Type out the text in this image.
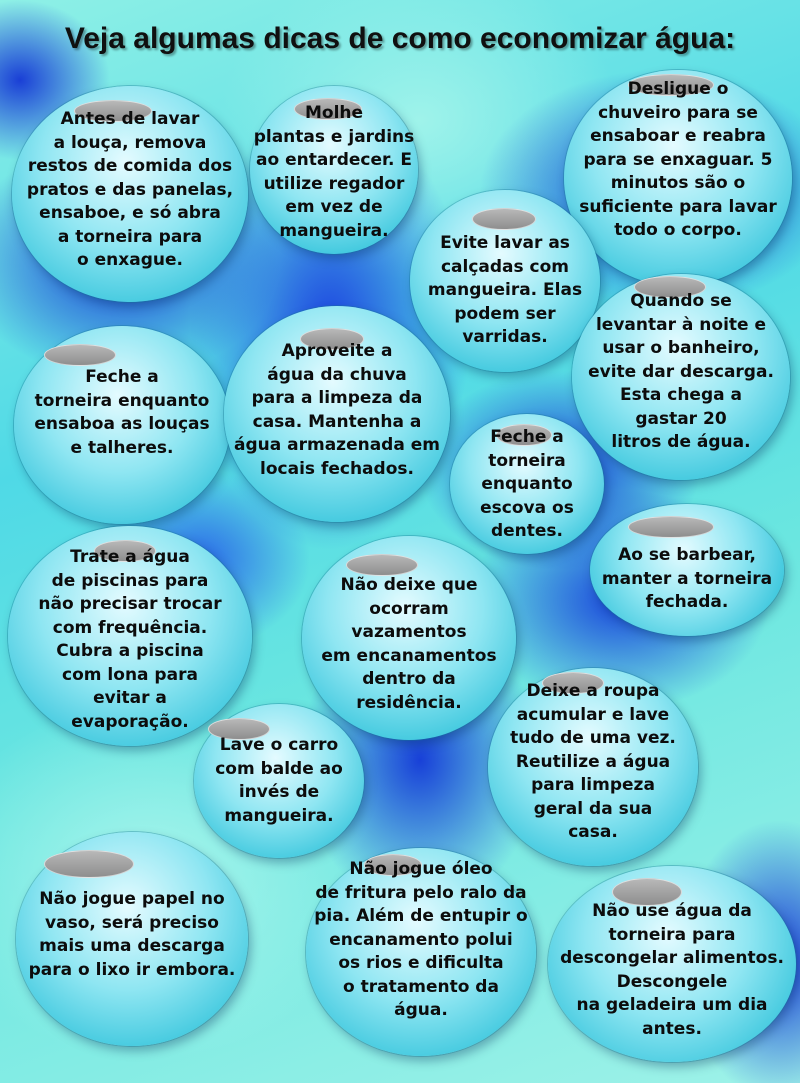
Veja algumas dicas de como economizar água:
Antes de lavar
a louça, remova
restos de comida dos
pratos e das panelas,
ensaboe, e só abra
a torneira para
o enxague.
Molhe
plantas e jardins
ao entardecer. E
utilize regador
em vez de
mangueira.
Desligue o
chuveiro para se
ensaboar e reabra
para se enxaguar. 5
minutos são o
suficiente para lavar
todo o corpo.
Evite lavar as
calçadas com
mangueira. Elas
podem ser
varridas.
Quando se
levantar à noite e
usar o banheiro,
evite dar descarga.
Esta chega a
gastar 20
litros de água.
Feche a
torneira enquanto
ensaboa as louças
e talheres.
Aproveite a
água da chuva
para a limpeza da
casa. Mantenha a
água armazenada em
locais fechados.
Feche a
torneira
enquanto
escova os
dentes.
Ao se barbear,
manter a torneira
fechada.
Trate a água
de piscinas para
não precisar trocar
com frequência.
Cubra a piscina
com lona para
evitar a
evaporação.
Não deixe que
ocorram
vazamentos
em encanamentos
dentro da
residência.
Deixe a roupa
acumular e lave
tudo de uma vez.
Reutilize a água
para limpeza
geral da sua
casa.
Lave o carro
com balde ao
invés de
mangueira.
Não jogue papel no
vaso, será preciso
mais uma descarga
para o lixo ir embora.
Não jogue óleo
de fritura pelo ralo da
pia. Além de entupir o
encanamento polui
os rios e dificulta
o tratamento da
água.
Não use água da
torneira para
descongelar alimentos.
Descongele
na geladeira um dia
antes.
